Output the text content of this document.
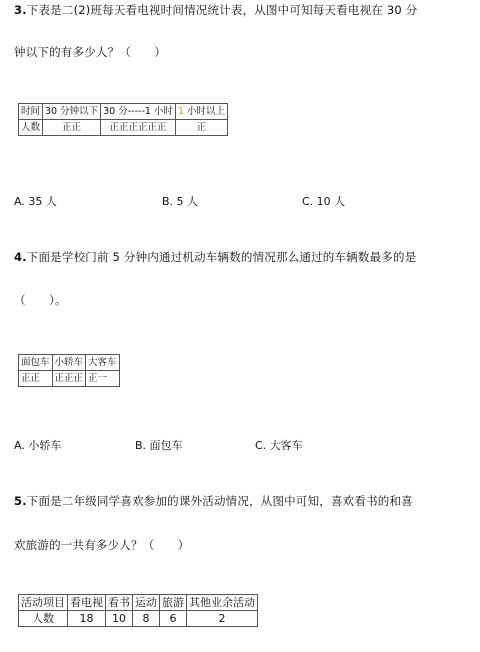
3.下表是二(2)班每天看电视时间情况统计表，从图中可知每天看电视在 30 分
钟以下的有多少人？（　　）
时间	30 分钟以下	30 分-----1 小时	1 小时以上
人数	正正	正正正正正正	正
A. 35 人	B. 5 人	C. 10 人
4.下面是学校门前 5 分钟内通过机动车辆数的情况那么通过的车辆数最多的是
（　　）。
面包车	小轿车	大客车
正正	正正正	正一
A. 小轿车	B. 面包车	C. 大客车
5.下面是二年级同学喜欢参加的课外活动情况，从图中可知，喜欢看书的和喜
欢旅游的一共有多少人？（　　）
活动项目	看电视	看书	运动	旅游	其他业余活动
人数	18	10	8	6	2
